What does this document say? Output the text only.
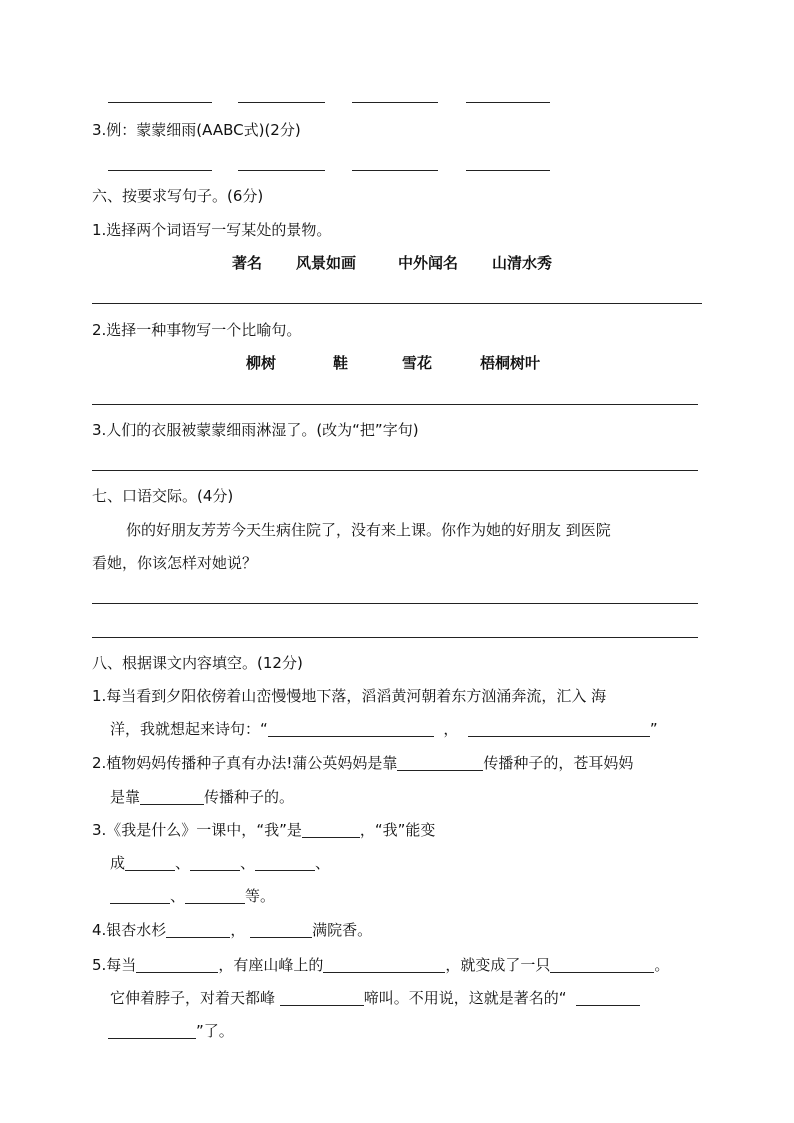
3.例：蒙蒙细雨(AABC式)(2分)
六、按要求写句子。(6分)
1.选择两个词语写一写某处的景物。
著名 风景如画	中外闻名 山清水秀
2.选择一种事物写一个比喻句。
柳树	鞋	雪花	梧桐树叶
3.人们的衣服被蒙蒙细雨淋湿了。(改为“把”字句)
七、口语交际。(4分)
你的好朋友芳芳今天生病住院了，没有来上课。你作为她的好朋友 到医院
看她，你该怎样对她说？
八、根据课文内容填空。(12分)
1.每当看到夕阳依傍着山峦慢慢地下落，滔滔黄河朝着东方汹涌奔流，汇入 海
洋，我就想起来诗句：“	，	”
2.植物妈妈传播种子真有办法!蒲公英妈妈是靠	传播种子的，苍耳妈妈
是靠	传播种子的。
3.《我是什么》一课中，“我”是	，“我”能变
成	、	、	、
、	等。
4.银杏水杉	，	满院香。
5.每当	，有座山峰上的	，就变成了一只	。
它伸着脖子，对着天都峰	啼叫。不用说，这就是著名的“
”了。
